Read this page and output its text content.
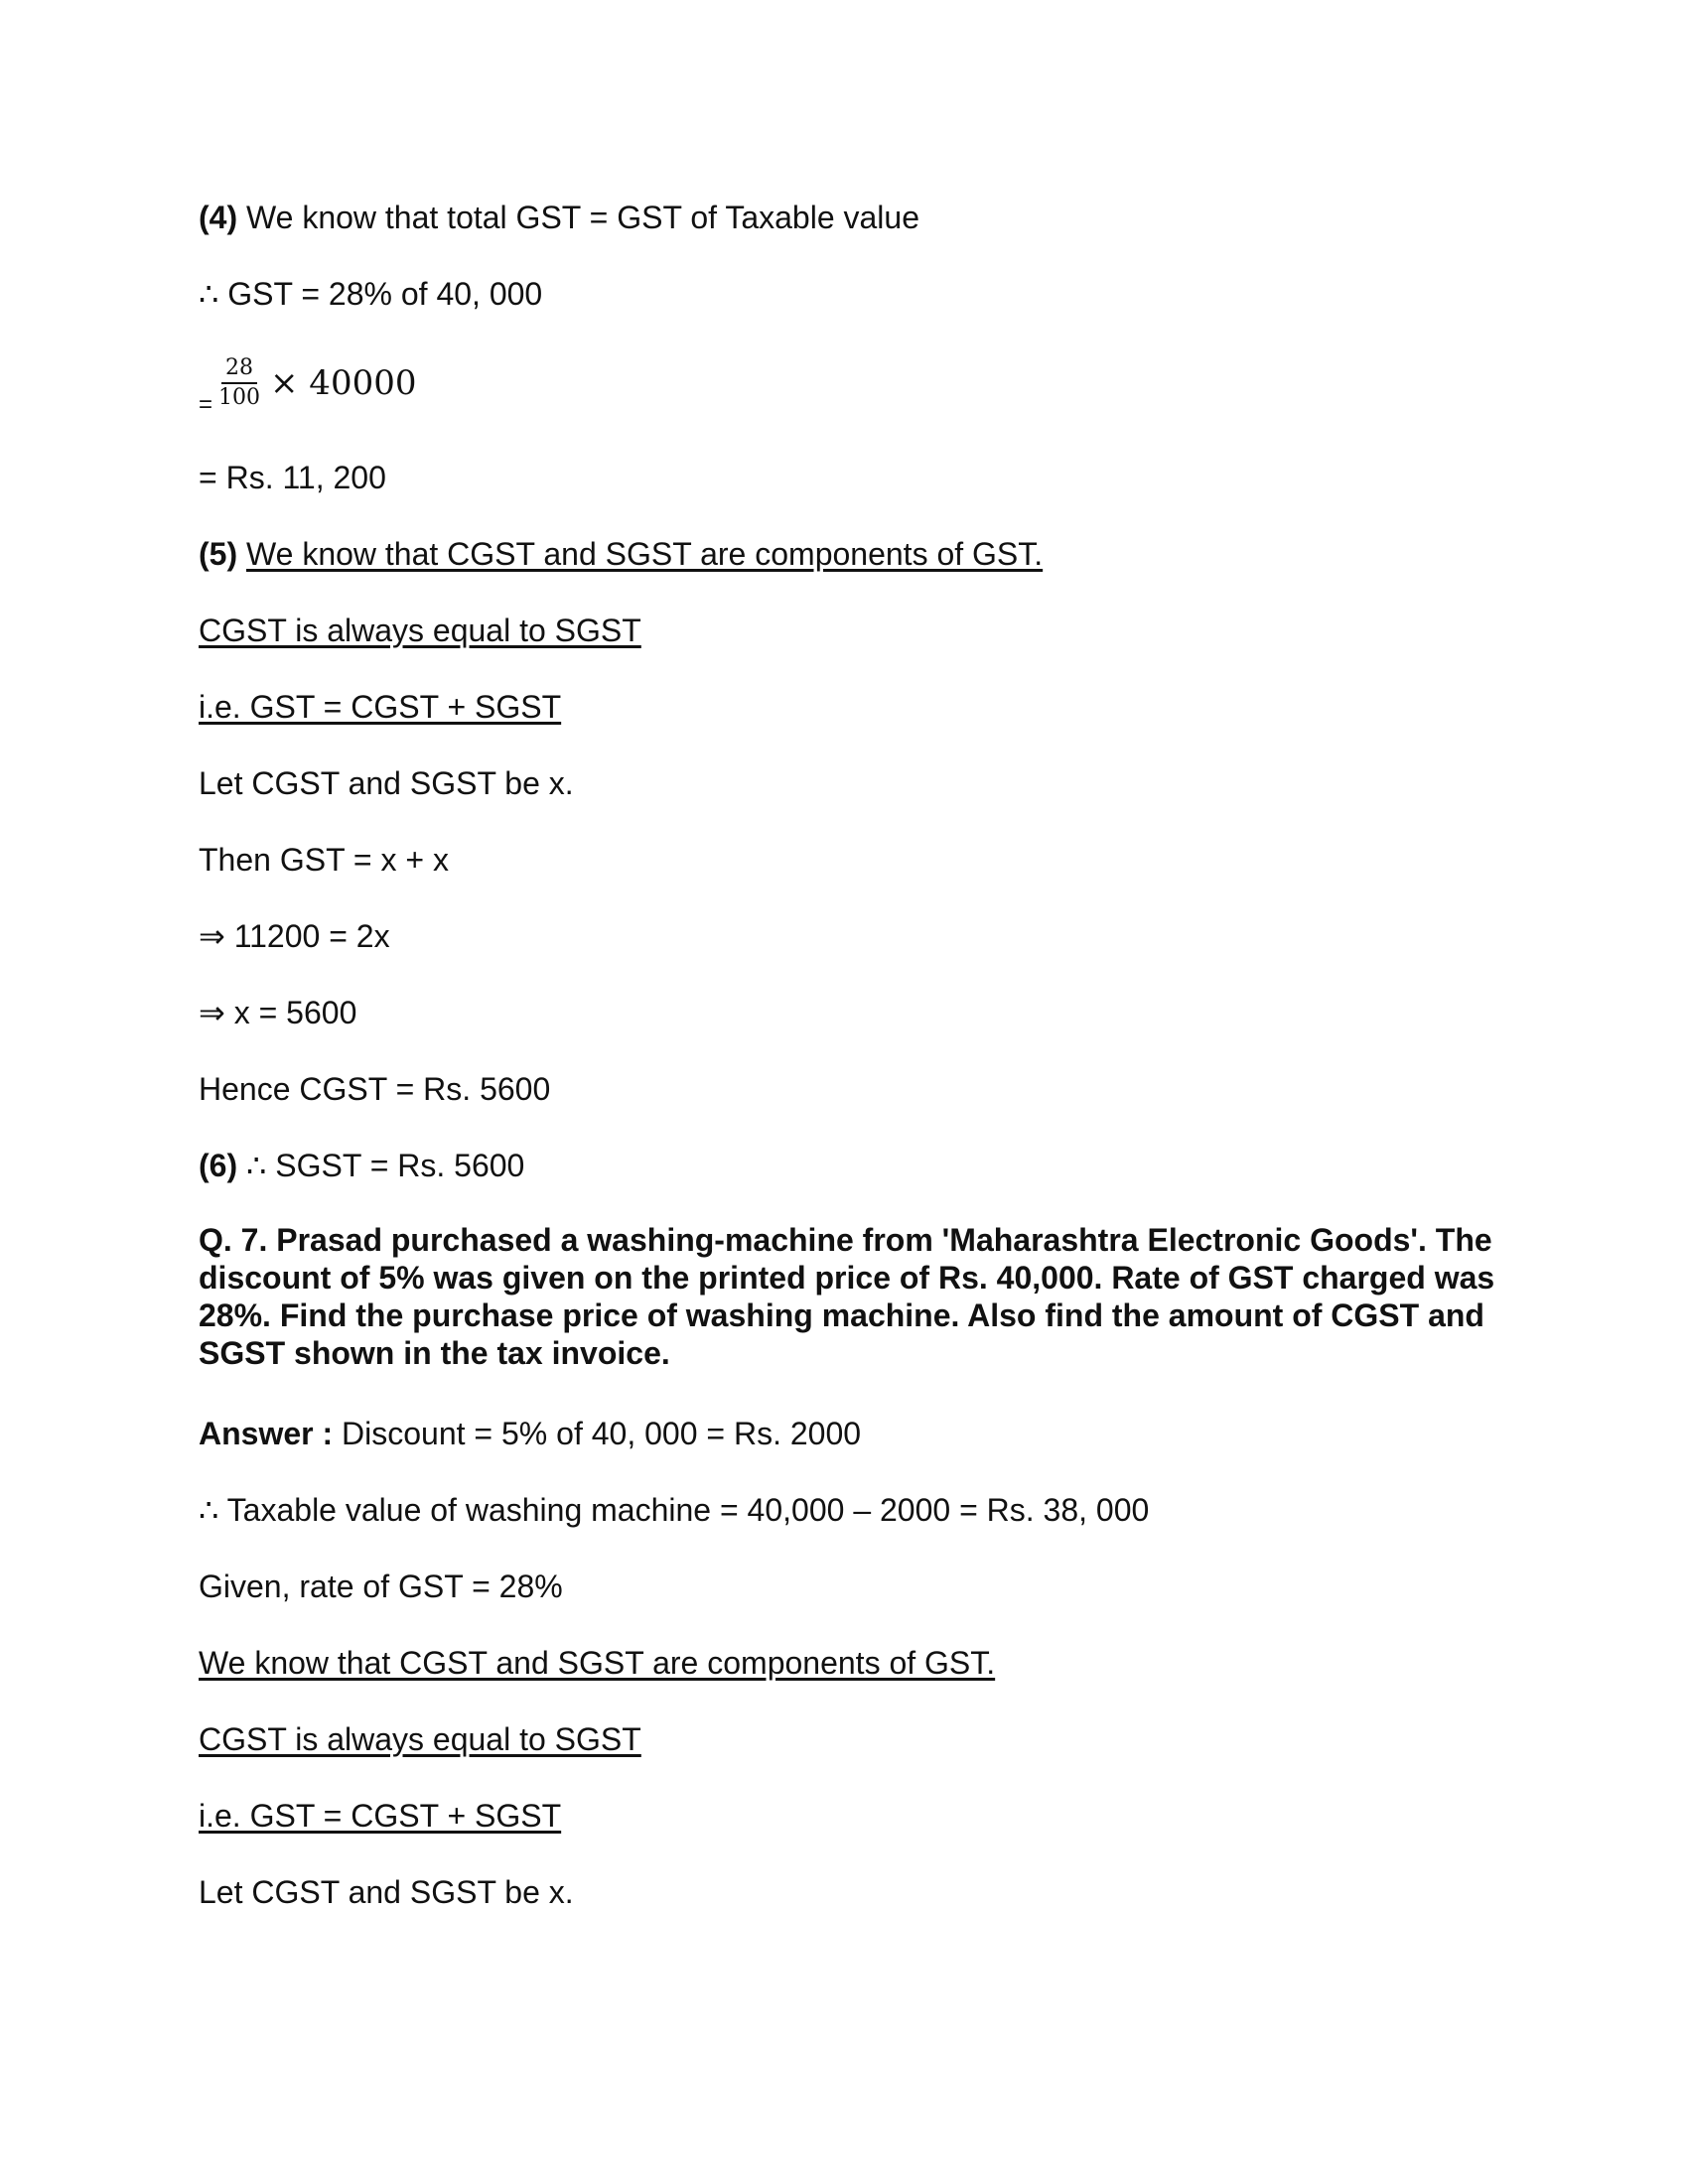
(4) We know that total GST = GST of Taxable value
∴ GST = 28% of 40, 000
= $\frac{28}{100} \times 40000$
= Rs. 11, 200
(5) We know that CGST and SGST are components of GST.
CGST is always equal to SGST
i.e. GST = CGST + SGST
Let CGST and SGST be x.
Then GST = x + x
⇒ 11200 = 2x
⇒ x = 5600
Hence CGST = Rs. 5600
(6) ∴ SGST = Rs. 5600
Q. 7. Prasad purchased a washing-machine from 'Maharashtra Electronic Goods'. The discount of 5% was given on the printed price of Rs. 40,000. Rate of GST charged was 28%. Find the purchase price of washing machine. Also find the amount of CGST and SGST shown in the tax invoice.
Answer : Discount = 5% of 40, 000 = Rs. 2000
∴ Taxable value of washing machine = 40,000 – 2000 = Rs. 38, 000
Given, rate of GST = 28%
We know that CGST and SGST are components of GST.
CGST is always equal to SGST
i.e. GST = CGST + SGST
Let CGST and SGST be x.
